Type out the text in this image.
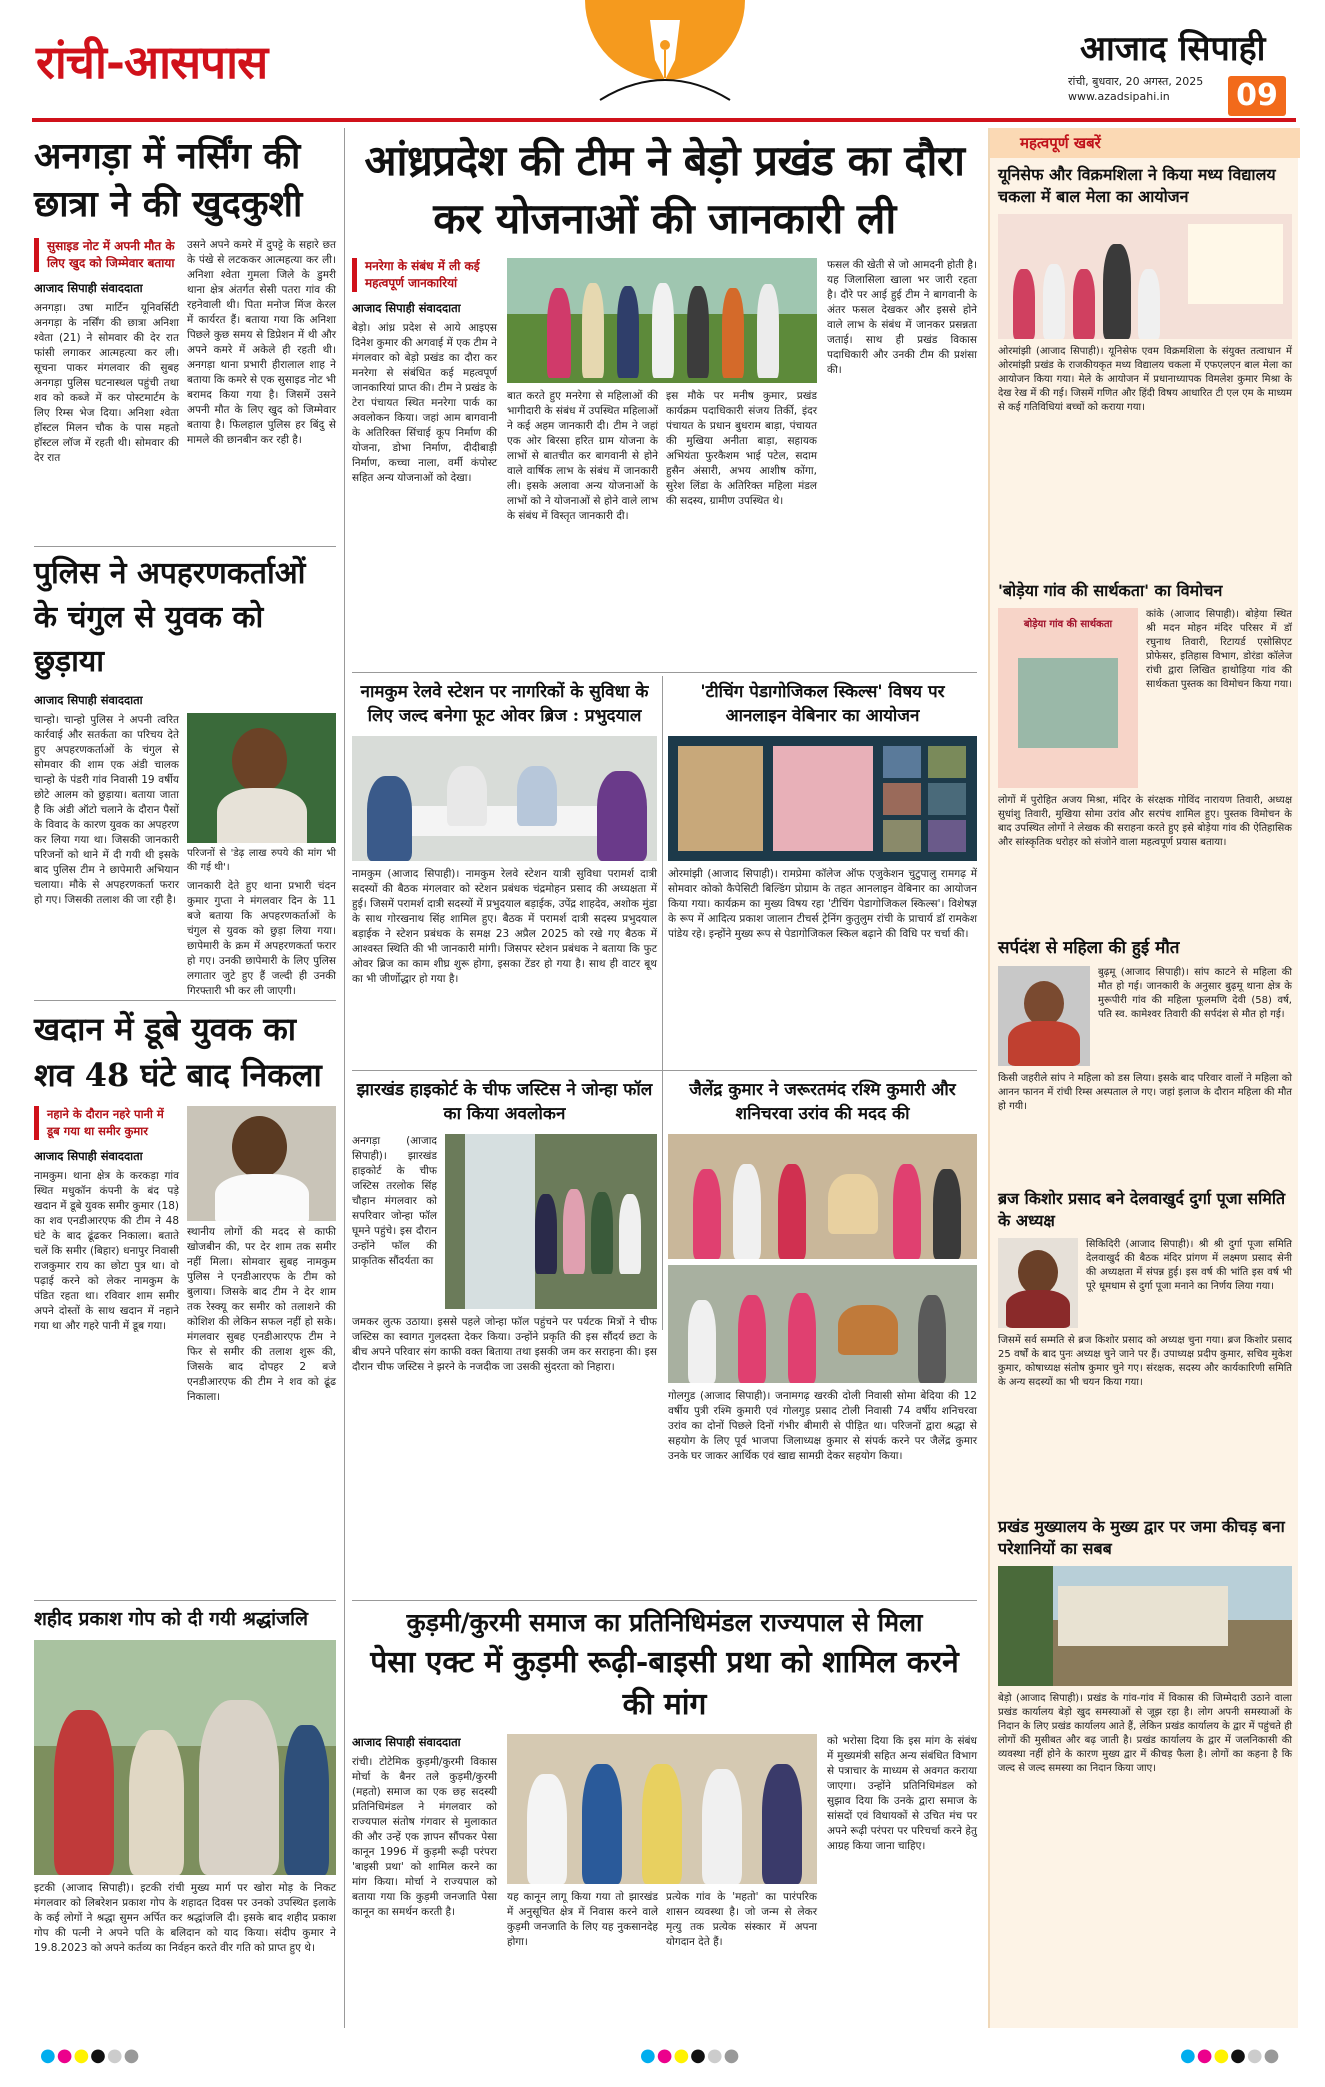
रांची-आसपास	आजाद सिपाही
रांची, बुधवार, 20 अगस्त, 2025
www.azadsipahi.in 09
अनगड़ा में नर्सिंग की छात्रा ने की खुदकुशी
सुसाइड नोट में अपनी मौत के लिए खुद को जिम्मेवार बताया
आजाद सिपाही संवाददाता

अनगड़ा। उषा मार्टिन यूनिवर्सिटी अनगड़ा के नर्सिंग की छात्रा अनिशा श्वेता (21) ने सोमवार की देर रात फांसी लगाकर आत्महत्या कर ली। सूचना पाकर मंगलवार की सुबह अनगड़ा पुलिस घटनास्थल पहुंची तथा शव को कब्जे में कर पोस्टमार्टम के लिए रिम्स भेज दिया। अनिशा श्वेता हॉस्टल मिलन चौक के पास महतो हॉस्टल लॉज में रहती थी। सोमवार की देर रात

उसने अपने कमरे में दुपट्टे के सहारे छत के पंखे से लटककर आत्महत्या कर ली। अनिशा श्वेता गुमला जिले के डुमरी थाना क्षेत्र अंतर्गत सेसी पतरा गांव की रहनेवाली थी। पिता मनोज मिंज केरल में कार्यरत हैं। बताया गया कि अनिशा पिछले कुछ समय से डिप्रेशन में थी और अपने कमरे में अकेले ही रहती थी। अनगड़ा थाना प्रभारी हीरालाल शाह ने बताया कि कमरे से एक सुसाइड नोट भी बरामद किया गया है। जिसमें उसने अपनी मौत के लिए खुद को जिम्मेवार बताया है। फिलहाल पुलिस हर बिंदु से मामले की छानबीन कर रही है।

पुलिस ने अपहरणकर्ताओं के चंगुल से युवक को छुड़ाया
आजाद सिपाही संवाददाता

चान्हो। चान्हो पुलिस ने अपनी त्वरित कार्रवाई और सतर्कता का परिचय देते हुए अपहरणकर्ताओं के चंगुल से सोमवार की शाम एक अंडी चालक चान्हो के पंडरी गांव निवासी 19 वर्षीय छोटे आलम को छुड़ाया। बताया जाता है कि अंडी ऑटो चलाने के दौरान पैसों के विवाद के कारण युवक का अपहरण कर लिया गया था। जिसकी जानकारी परिजनों को थाने में दी गयी थी इसके बाद पुलिस टीम ने छापेमारी अभियान चलाया। मौके से अपहरणकर्ता फरार हो गए। जिसकी तलाश की जा रही है।

परिजनों से 'डेढ़ लाख रुपये की मांग भी की गई थी'।

जानकारी देते हुए थाना प्रभारी चंदन कुमार गुप्ता ने मंगलवार दिन के 11 बजे बताया कि अपहरणकर्ताओं के चंगुल से युवक को छुड़ा लिया गया। छापेमारी के क्रम में अपहरणकर्ता फरार हो गए। उनकी छापेमारी के लिए पुलिस लगातार जुटे हुए हैं जल्दी ही उनकी गिरफ्तारी भी कर ली जाएगी।

खदान में डूबे युवक का शव 48 घंटे बाद निकला
नहाने के दौरान नहरे पानी में डूब गया था समीर कुमार
आजाद सिपाही संवाददाता

नामकुम। थाना क्षेत्र के करकड़ा गांव स्थित मधुकॉन कंपनी के बंद पड़े खदान में डूबे युवक समीर कुमार (18) का शव एनडीआरएफ की टीम ने 48 घंटे के बाद ढूंढकर निकाला। बताते चलें कि समीर (बिहार) धनापुर निवासी राजकुमार राय का छोटा पुत्र था। वो पढ़ाई करने को लेकर नामकुम के पंडित रहता था। रविवार शाम समीर अपने दोस्तों के साथ खदान में नहाने गया था और गहरे पानी में डूब गया।

स्थानीय लोगों की मदद से काफी खोजबीन की, पर देर शाम तक समीर नहीं मिला। सोमवार सुबह नामकुम पुलिस ने एनडीआरएफ के टीम को बुलाया। जिसके बाद टीम ने देर शाम तक रेस्क्यू कर समीर को तलाशने की कोशिश की लेकिन सफल नहीं हो सके। मंगलवार सुबह एनडीआरएफ टीम ने फिर से समीर की तलाश शुरू की, जिसके बाद दोपहर 2 बजे एनडीआरएफ की टीम ने शव को ढूंढ निकाला।

शहीद प्रकाश गोप को दी गयी श्रद्धांजलि

इटकी (आजाद सिपाही)। इटकी रांची मुख्य मार्ग पर खोरा मोड़ के निकट मंगलवार को लिबरेशन प्रकाश गोप के शहादत दिवस पर उनको उपस्थित इलाके के कई लोगों ने श्रद्धा सुमन अर्पित कर श्रद्धांजलि दी। इसके बाद शहीद प्रकाश गोप की पत्नी ने अपने पति के बलिदान को याद किया। संदीप कुमार ने 19.8.2023 को अपने कर्तव्य का निर्वहन करते वीर गति को प्राप्त हुए थे।

आंध्रप्रदेश की टीम ने बेड़ो प्रखंड का दौरा कर योजनाओं की जानकारी ली
मनरेगा के संबंध में ली कई महत्वपूर्ण जानकारियां
आजाद सिपाही संवाददाता

बेड़ो। आंध्र प्रदेश से आये आइएस दिनेश कुमार की अगवाई में एक टीम ने मंगलवार को बेड़ो प्रखंड का दौरा कर मनरेगा से संबंधित कई महत्वपूर्ण जानकारियां प्राप्त की। टीम ने प्रखंड के टेरा पंचायत स्थित मनरेगा पार्क का अवलोकन किया। जहां आम बागवानी के अतिरिक्त सिंचाई कूप निर्माण की योजना, डोभा निर्माण, दीदीबाड़ी निर्माण, कच्चा नाला, वर्मी कंपोस्ट सहित अन्य योजनाओं को देखा।

बात करते हुए मनरेगा से महिलाओं की भागीदारी के संबंध में उपस्थित महिलाओं ने कई अहम जानकारी दी। टीम ने जहां एक ओर बिरसा हरित ग्राम योजना के लाभों से बातचीत कर बागवानी से होने वाले वार्षिक लाभ के संबंध में जानकारी ली। इसके अलावा अन्य योजनाओं के लाभों को ने योजनाओं से होने वाले लाभ के संबंध में विस्तृत जानकारी दी।

इस मौके पर मनीष कुमार, प्रखंड कार्यक्रम पदाधिकारी संजय तिर्की, इंदर पंचायत के प्रधान बुधराम बाड़ा, पंचायत की मुखिया अनीता बाड़ा, सहायक अभियंता फुरकैशम भाई पटेल, सदाम हुसैन अंसारी, अभय आशीष कोंगा, सुरेश लिंडा के अतिरिक्त महिला मंडल की सदस्य, ग्रामीण उपस्थित थे।

फसल की खेती से जो आमदनी होती है। यह जिलासिला खाला भर जारी रहता है। दौरे पर आई हुई टीम ने बागवानी के अंतर फसल देखकर और इससे होने वाले लाभ के संबंध में जानकर प्रसन्नता जताई। साथ ही प्रखंड विकास पदाधिकारी और उनकी टीम की प्रशंसा की।

नामकुम रेलवे स्टेशन पर नागरिकों के सुविधा के लिए जल्द बनेगा फूट ओवर ब्रिज : प्रभुदयाल

नामकुम (आजाद सिपाही)। नामकुम रेलवे स्टेशन यात्री सुविधा परामर्श दात्री सदस्यों की बैठक मंगलवार को स्टेशन प्रबंधक चंद्रमोहन प्रसाद की अध्यक्षता में हुई। जिसमें परामर्श दात्री सदस्यों में प्रभुदयाल बड़ाईक, उपेंद्र शाहदेव, अशोक मुंडा के साथ गोरखनाथ सिंह शामिल हुए। बैठक में परामर्श दात्री सदस्य प्रभुदयाल बड़ाईक ने स्टेशन प्रबंधक के समक्ष 23 अप्रैल 2025 को रखे गए बैठक में आश्वस्त स्थिति की भी जानकारी मांगी। जिसपर स्टेशन प्रबंधक ने बताया कि फुट ओवर ब्रिज का काम शीघ्र शुरू होगा, इसका टेंडर हो गया है। साथ ही वाटर बूथ का भी जीर्णोद्धार हो गया है।

'टीचिंग पेडागोजिकल स्किल्स' विषय पर आनलाइन वेबिनार का आयोजन

ओरमांझी (आजाद सिपाही)। रामप्रेमा कॉलेज ऑफ एजुकेशन चुटुपालु रामगढ़ में सोमवार कोको कैपेसिटी बिल्डिंग प्रोग्राम के तहत आनलाइन वेबिनार का आयोजन किया गया। कार्यक्रम का मुख्य विषय रहा 'टीचिंग पेडागोजिकल स्किल्स'। विशेषज्ञ के रूप में आदित्य प्रकाश जालान टीचर्स ट्रेनिंग कुतुलुम रांची के प्राचार्य डॉ रामकेश पांडेय रहे। इन्होंने मुख्य रूप से पेडागोजिकल स्किल बढ़ाने की विधि पर चर्चा की।

झारखंड हाइकोर्ट के चीफ जस्टिस ने जोन्हा फॉल का किया अवलोकन

अनगड़ा (आजाद सिपाही)। झारखंड हाइकोर्ट के चीफ जस्टिस तरलोक सिंह चौहान मंगलवार को सपरिवार जोन्हा फॉल घूमने पहुंचे। इस दौरान उन्होंने फॉल की प्राकृतिक सौंदर्यता का

जमकर लुत्फ उठाया। इससे पहले जोन्हा फॉल पहुंचने पर पर्यटक मित्रों ने चीफ जस्टिस का स्वागत गुलदस्ता देकर किया। उन्होंने प्रकृति की इस सौंदर्य छटा के बीच अपने परिवार संग काफी वक्त बिताया तथा इसकी जम कर सराहना की। इस दौरान चीफ जस्टिस ने झरने के नजदीक जा उसकी सुंदरता को निहारा।

जैलेंद्र कुमार ने जरूरतमंद रश्मि कुमारी और शनिचरवा उरांव की मदद की

गोलगुड (आजाद सिपाही)। जनामगढ़ खरकी दोली निवासी सोमा बेदिया की 12 वर्षीय पुत्री रश्मि कुमारी एवं गोलगुड़ प्रसाद टोली निवासी 74 वर्षीय शनिचरवा उरांव का दोनों पिछले दिनों गंभीर बीमारी से पीड़ित था। परिजनों द्वारा श्रद्धा से सहयोग के लिए पूर्व भाजपा जिलाध्यक्ष कुमार से संपर्क करने पर जैलेंद्र कुमार उनके घर जाकर आर्थिक एवं खाद्य सामग्री देकर सहयोग किया।

कुड़मी/कुरमी समाज का प्रतिनिधिमंडल राज्यपाल से मिला
पेसा एक्ट में कुड़मी रूढ़ी-बाइसी प्रथा को शामिल करने की मांग
आजाद सिपाही संवाददाता

रांची। टोटेमिक कुड़मी/कुरमी विकास मोर्चा के बैनर तले कुड़मी/कुरमी (महतो) समाज का एक छह सदस्यी प्रतिनिधिमंडल ने मंगलवार को राज्यपाल संतोष गंगवार से मुलाकात की और उन्हें एक ज्ञापन सौंपकर पेसा कानून 1996 में कुड़मी रूढ़ी परंपरा 'बाइसी प्रथा' को शामिल करने का मांग किया। मोर्चा ने राज्यपाल को बताया गया कि कुड़मी जनजाति पेसा कानून का समर्थन करती है।

यह कानून लागू किया गया तो झारखंड में अनुसूचित क्षेत्र में निवास करने वाले कुड़मी जनजाति के लिए यह नुकसानदेह होगा।

प्रत्येक गांव के 'महतो' का पारंपरिक शासन व्यवस्था है। जो जन्म से लेकर मृत्यु तक प्रत्येक संस्कार में अपना योगदान देते हैं।

को भरोसा दिया कि इस मांग के संबंध में मुख्यमंत्री सहित अन्य संबंधित विभाग से पत्राचार के माध्यम से अवगत कराया जाएगा। उन्होंने प्रतिनिधिमंडल को सुझाव दिया कि उनके द्वारा समाज के सांसदों एवं विधायकों से उचित मंच पर अपने रूढ़ी परंपरा पर परिचर्चा करने हेतु आग्रह किया जाना चाहिए।

महत्वपूर्ण खबरें
यूनिसेफ और विक्रमशिला ने किया मध्य विद्यालय चकला में बाल मेला का आयोजन

ओरमांझी (आजाद सिपाही)। यूनिसेफ एवम विक्रमशिला के संयुक्त तत्वाधान में ओरमांझी प्रखंड के राजकीयकृत मध्य विद्यालय चकला में एफएलएन बाल मेला का आयोजन किया गया। मेले के आयोजन में प्रधानाध्यापक विमलेश कुमार मिश्रा के देख रेख में की गई। जिसमें गणित और हिंदी विषय आधारित टी एल एम के माध्यम से कई गतिविधियां बच्चों को कराया गया।

'बोड़ेया गांव की सार्थकता' का विमोचन
बोड़ेया गांव की सार्थकता

कांके (आजाद सिपाही)। बोड़ेया स्थित श्री मदन मोहन मंदिर परिसर में डॉ रघुनाथ तिवारी, रिटायर्ड एसोसिएट प्रोफेसर, इतिहास विभाग, डोरंडा कॉलेज रांची द्वारा लिखित हाथोड़िया गांव की सार्थकता पुस्तक का विमोचन किया गया।

लोगों में पुरोहित अजय मिश्रा, मंदिर के संरक्षक गोविंद नारायण तिवारी, अध्यक्ष सुधांशु तिवारी, मुखिया सोमा उरांव और सरपंच शामिल हुए। पुस्तक विमोचन के बाद उपस्थित लोगों ने लेखक की सराहना करते हुए इसे बोड़ेया गांव की ऐतिहासिक और सांस्कृतिक धरोहर को संजोने वाला महत्वपूर्ण प्रयास बताया।

सर्पदंश से महिला की हुई मौत

बुढ़मू (आजाद सिपाही)। सांप काटने से महिला की मौत हो गई। जानकारी के अनुसार बुढ़मू थाना क्षेत्र के मुरूपीरी गांव की महिला फूलमणि देवी (58) वर्ष, पति स्व. कामेश्वर तिवारी की सर्पदंश से मौत हो गई।

किसी जहरीले सांप ने महिला को डस लिया। इसके बाद परिवार वालों ने महिला को आनन फानन में रांची रिम्स अस्पताल ले गए। जहां इलाज के दौरान महिला की मौत हो गयी।

ब्रज किशोर प्रसाद बने देलवाखुर्द दुर्गा पूजा समिति के अध्यक्ष

सिकिदिरी (आजाद सिपाही)। श्री श्री दुर्गा पूजा समिति देलवाखुर्द की बैठक मंदिर प्रांगण में लक्ष्मण प्रसाद सेनी की अध्यक्षता में संपन्न हुई। इस वर्ष की भांति इस वर्ष भी पूरे धूमधाम से दुर्गा पूजा मनाने का निर्णय लिया गया।

जिसमें सर्व सम्मति से ब्रज किशोर प्रसाद को अध्यक्ष चुना गया। ब्रज किशोर प्रसाद 25 वर्षों के बाद पुनः अध्यक्ष चुने जाने पर हैं। उपाध्यक्ष प्रदीप कुमार, सचिव मुकेश कुमार, कोषाध्यक्ष संतोष कुमार चुने गए। संरक्षक, सदस्य और कार्यकारिणी समिति के अन्य सदस्यों का भी चयन किया गया।

प्रखंड मुख्यालय के मुख्य द्वार पर जमा कीचड़ बना परेशानियों का सबब

बेड़ो (आजाद सिपाही)। प्रखंड के गांव-गांव में विकास की जिम्मेदारी उठाने वाला प्रखंड कार्यालय बेड़ो खुद समस्याओं से जूझ रहा है। लोग अपनी समस्याओं के निदान के लिए प्रखंड कार्यालय आते हैं, लेकिन प्रखंड कार्यालय के द्वार में पहुंचते ही लोगों की मुसीबत और बढ़ जाती है। प्रखंड कार्यालय के द्वार में जलनिकासी की व्यवस्था नहीं होने के कारण मुख्य द्वार में कीचड़ फैला है। लोगों का कहना है कि जल्द से जल्द समस्या का निदान किया जाए।

●●●●●●	●●●●●●	●●●●●●
